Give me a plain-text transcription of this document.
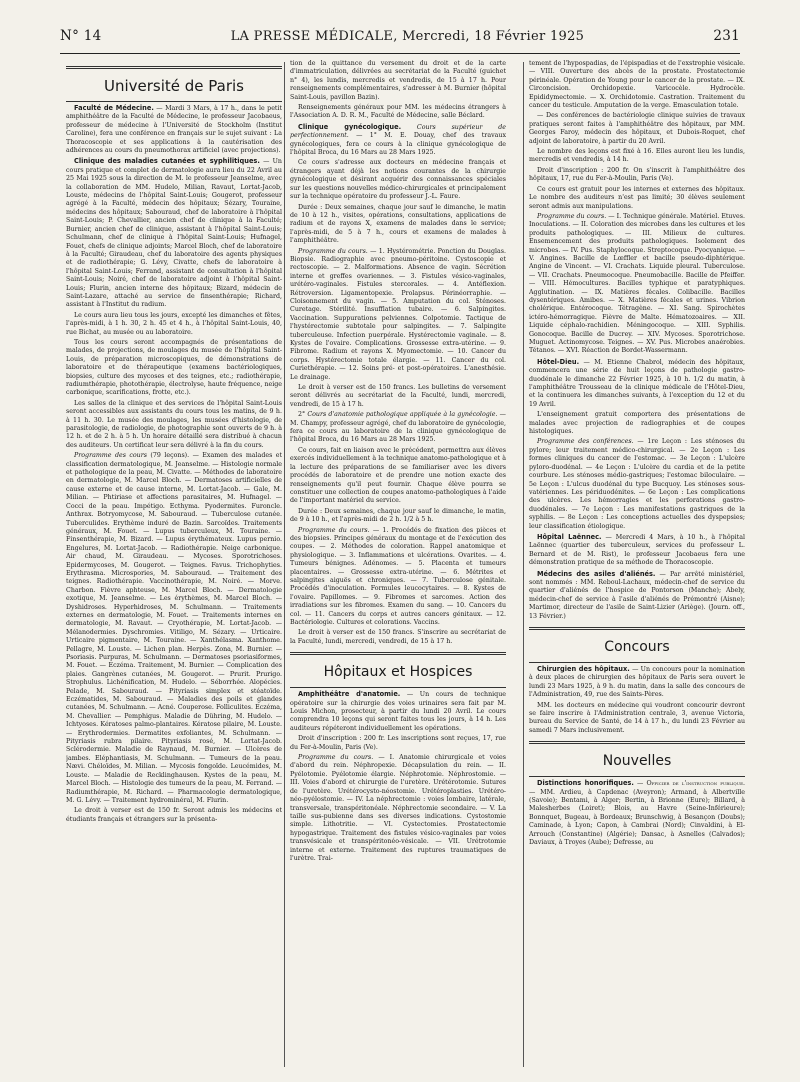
N° 14	LA PRESSE MÉDICALE, Mercredi, 18 Février 1925	231
Université de Paris

Faculté de Médecine. — Mardi 3 Mars, à 17 h., dans le petit amphithéâtre de la Faculté de Médecine, le professeur Jacobaeus, professeur de médecine à l'Université de Stockholm (Institut Caroline), fera une conférence en français sur le sujet suivant : La Thoracoscopie et ses applications à la cautérisation des adhérences au cours du pneumothorax artificiel (avec projections).

Clinique des maladies cutanées et syphilitiques. — Un cours pratique et complet de dermatologie aura lieu du 22 Avril au 25 Mai 1925 sous la direction de M. le professeur Jeanselme, avec la collaboration de MM. Hudelo, Milian, Ravaut, Lortat-Jacob, Louste, médecins de l'hôpital Saint-Louis; Gougerot, professeur agrégé à la Faculté, médecin des hôpitaux; Sézary, Touraine, médecins des hôpitaux; Sabouraud, chef de laboratoire à l'hôpital Saint-Louis; P. Chevallier, ancien chef de clinique à la Faculté; Burnier, ancien chef de clinique, assistant à l'hôpital Saint-Louis; Schulmann, chef de clinique à l'hôpital Saint-Louis; Hufnagel, Fouet, chefs de clinique adjoints; Marcel Bloch, chef de laboratoire à la Faculté; Giraudeau, chef du laboratoire des agents physiques et de radiothérapie; G. Lévy, Civatte, chefs de laboratoire à l'hôpital Saint-Louis; Ferrand, assistant de consultation à l'hôpital Saint-Louis; Noiré, chef de laboratoire adjoint à l'hôpital Saint-Louis; Flurin, ancien interne des hôpitaux; Bizard, médecin de Saint-Lazare, attaché au service de finsenthérapie; Richard, assistant à l'Institut du radium.

Le cours aura lieu tous les jours, excepté les dimanches et fêtes, l'après-midi, à 1 h. 30, 2 h. 45 et 4 h., à l'hôpital Saint-Louis, 40, rue Bichat, au musée ou au laboratoire.

Tous les cours seront accompagnés de présentations de malades, de projections, de moulages du musée de l'hôpital Saint-Louis, de préparation microscopiques, de démonstrations de laboratoire et de thérapeutique (examens bactériologiques, biopsies, culture des mycoses et des teignes, etc.; radiothérapie, radiumthérapie, photothérapie, électrolyse, haute fréquence, neige carbonique, scarifications, frotte, etc.).

Les salles de la clinique et des services de l'hôpital Saint-Louis seront accessibles aux assistants du cours tous les matins, de 9 h. à 11 h. 30. Le musée des moulages, les musées d'histologie, de parasitologie, de radiologie, de photographie sont ouverts de 9 h. à 12 h. et de 2 h. à 5 h. Un horaire détaillé sera distribué à chacun des auditeurs. Un certificat leur sera délivré à la fin du cours.

Programme des cours (79 leçons). — Examen des malades et classification dermatologique, M. Jeanselme. — Histologie normale et pathologique de la peau, M. Civatte. — Méthodes de laboratoire en dermatologie, M. Marcel Bloch. — Dermatoses artificielles de cause externe et de cause interne, M. Lortat-Jacob. — Gale, M. Milian. — Phtiriase et affections parasitaires, M. Hufnagel. — Cocci de la peau. Impétigo. Ecthyma. Pyodermites. Furoncle. Anthrax. Botryomycose, M. Sabouraud. — Tuberculose cutanée. Tuberculides. Erythème induré de Bazin. Sarcoïdes. Traitements généraux, M. Fouet. — Lupus tuberculeux, M. Touraine. — Finsenthérapie, M. Bizard. — Lupus érythémateux. Lupus pernio. Engelures, M. Lortat-Jacob. — Radiothérapie. Neige carbonique. Air chaud, M. Giraudeau. — Mycoses. Sporotrichoses. Epidermycoses, M. Gougerot. — Teignes. Favus. Trichophyties. Erythrasma. Microspories, M. Sabouraud. — Traitement des teignes. Radiothérapie. Vaccinothérapie, M. Noiré. — Morve. Charbon. Fièvre aphteuse, M. Marcel Bloch. — Dermatologie exotique, M. Jeanselme. — Les érythèmes, M. Marcel Bloch. — Dyshidroses. Hyperhidroses, M. Schulmann. — Traitements externes en dermatologie, M. Fouet. — Traitements internes en dermatologie, M. Ravaut. — Cryothérapie, M. Lortat-Jacob. — Mélanodermies. Dyschromies. Vitiligo, M. Sézary. — Urticaire. Urticaire pigmentaire, M. Touraine. — Xanthélasma. Xanthome. Pellagre, M. Louste. — Lichen plan. Herpès. Zona, M. Burnier. — Psoriasis. Purpuras, M. Schulmann. — Dermatoses psoriasiformes, M. Fouet. — Eczéma. Traitement, M. Burnier. — Complication des plaies. Gangrènes cutanées, M. Gougerot. — Prurit. Prurigo. Strophulus. Lichénification, M. Hudelo. — Séborrhée. Alopécies. Pelade, M. Sabouraud. — Pityriasis simplex et stéatoïde. Eczématides, M. Sabouraud. — Maladies des poils et glandes cutanées, M. Schulmann. — Acné. Couperose. Folliculites. Eczéma, M. Chevallier. — Pemphigus. Maladie de Dühring, M. Hudelo. — Ichtyoses. Kératoses palmo-plantaires. Kératose pilaire, M. Louste. — Erythrodermies. Dermatites exfoliantes, M. Schulmann. — Pityriasis rubra pilaire. Pityriasis rosé, M. Lortat-Jacob. Sclérodermie. Maladie de Raynaud, M. Burnier. — Ulcères de jambes. Eléphantiasis, M. Schulmann. — Tumeurs de la peau. Nævi. Chéloïdes, M. Milian. — Mycosis fongoïde. Leucémides, M. Louste. — Maladie de Recklinghausen. Kystes de la peau, M. Marcel Bloch. — Histologie des tumeurs de la peau, M. Ferrand. — Radiumthérapie, M. Richard. — Pharmacologie dermatologique, M. G. Lévy. — Traitement hydrominéral, M. Flurin.

Le droit à verser est de 150 fr. Seront admis les médecins et étudiants français et étrangers sur la présenta-

tion de la quittance du versement du droit et de la carte d'immatriculation, délivrées au secrétariat de la Faculté (guichet n° 4), les lundis, mercredis et vendredis, de 15 à 17 h. Pour renseignements complémentaires, s'adresser à M. Burnier (hôpital Saint-Louis, pavillon Bazin).

Renseignements généraux pour MM. les médecins étrangers à l'Association A. D. R. M., Faculté de Médecine, salle Béclard.

Clinique gynécologique.	Cours supérieur de perfectionnement. — 1° M. E. Douay, chef des travaux gynécologiques, fera ce cours à la clinique gynécologique de l'hôpital Broca, du 16 Mars au 28 Mars 1925.

Ce cours s'adresse aux docteurs en médecine français et étrangers ayant déjà les notions courantes de la chirurgie gynécologique et désirant acquérir des connaissances spéciales sur les questions nouvelles médico-chirurgicales et principalement sur la technique opératoire du professeur J.-L. Faure.

Durée : Deux semaines, chaque jour sauf le dimanche, le matin de 10 à 12 h., visites, opérations, consultations, applications de radium et de rayons X, examens de malades dans le service; l'après-midi, de 5 à 7 h., cours et examens de malades à l'amphithéâtre.

Programme du cours. — 1. Hystérométrie. Ponction du Douglas. Biopsie. Radiographie avec pneumo-péritoine. Cystoscopie et rectoscopie. — 2. Malformations. Absence de vagin. Sécrétion interne et greffes ovariennes. — 3. Fistules vésico-vaginales, urétéro-vaginales. Fistules stercorales. — 4. Antéflexion. Rétroversion. Ligamentopexie. Prolapsus. Périnéorraphie. — Cloisonnement du vagin. — 5. Amputation du col. Sténoses. Curetage. Stérilité. Insufflation tubaire. — 6. Salpingites. Vaccination. Suppurations pelviennes. Colpotomie. Tactique de l'hystérectomie subtotale pour salpingites. — 7. Salpingite tuberculeuse. Infection puerpérale. Hystérectomie vaginale. — 8. Kystes de l'ovaire. Complications. Grossesse extra-utérine. — 9. Fibrome. Radium et rayons X. Myomectomie. — 10. Cancer du corps. Hystérectomie totale élargie. — 11. Cancer du col. Curiethérapie. — 12. Soins pré- et post-opératoires. L'anesthésie. Le drainage.

Le droit à verser est de 150 francs. Les bulletins de versement seront délivrés au secrétariat de la Faculté, lundi, mercredi, vendredi, de 15 à 17 h.

2° Cours d'anatomie pathologique appliquée à la gynécologie. — M. Champy, professeur agrégé, chef du laboratoire de gynécologie, fera ce cours au laboratoire de la clinique gynécologique de l'hôpital Broca, du 16 Mars au 28 Mars 1925.

Ce cours, fait en liaison avec le précédent, permettra aux élèves exercés individuellement à la technique anatomo-pathologique et à la lecture des préparations de se familiariser avec les divers procédés de laboratoire et de prendre une notion exacte des renseignements qu'il peut fournir. Chaque élève pourra se constituer une collection de coupes anatomo-pathologiques à l'aide de l'important matériel du service.

Durée : Deux semaines, chaque jour sauf le dimanche, le matin, de 9 à 10 h., et l'après-midi de 2 h. 1/2 à 5 h.

Programme du cours. — 1. Procédés de fixation des pièces et des biopsies. Principes généraux du montage et de l'exécution des coupes. — 2. Méthodes de coloration. Rappel anatomique et physiologique. — 3. Inflammations et ulcérations. Ovarites. — 4. Tumeurs bénignes. Adénomes. — 5. Placenta et tumeurs placentaires. — Grossesse extra-utérine. — 6. Métrites et salpingites aiguës et chroniques. — 7. Tuberculose génitale. Procédés d'inoculation. Formules leucocytaires. — 8. Kystes de l'ovaire. Papillomes. — 9. Fibromes et sarcomes. Action des irradiations sur les fibromes. Examen du sang. — 10. Cancers du col. — 11. Cancers du corps et autres cancers génitaux. — 12. Bactériologie. Cultures et colorations. Vaccins.

Le droit à verser est de 150 francs. S'inscrire au secrétariat de la Faculté, lundi, mercredi, vendredi, de 15 à 17 h.

Hôpitaux et Hospices

Amphithéâtre d'anatomie. — Un cours de technique opératoire sur la chirurgie des voies urinaires sera fait par M. Louis Michon, prosecteur, à partir du lundi 20 Avril. Le cours comprendra 10 leçons qui seront faites tous les jours, à 14 h. Les auditeurs répéteront individuellement les opérations.

Droit d'inscription : 200 fr. Les inscriptions sont reçues, 17, rue du Fer-à-Moulin, Paris (Ve).

Programme du cours. — I. Anatomie chirurgicale et voies d'abord du rein. Néphropexie. Décapsulation du rein. — II. Pyélotomie. Pyélotomie élargie. Néphrotomie. Néphrostomie. — III. Voies d'abord et chirurgie de l'uretère. Urétérotomie. Sutures de l'uretère. Urétérocysto-néostomie. Urétéroplasties. Urétéro-néo-pyélostomie. — IV. La néphrectomie : voies lombaire, latérale, transversale, transpéritonéale. Néphrectomie secondaire. — V. La taille sus-pubienne dans ses diverses indications. Cystostomie simple. Lithotritie. — VI. Cystectomies. Prostatectomie hypogastrique. Traitement des fistules vésico-vaginales par voies transvésicale et transpéritonéo-vésicale. — VII. Urétrotomie interne et externe. Traitement des ruptures traumatiques de l'urètre. Trai-

tement de l'hypospadias, de l'épispadias et de l'exstrophie vésicale. — VIII. Ouverture des abcès de la prostate. Prostatectomie périnéale. Opération de Young pour le cancer de la prostate. — IX. Circoncision. Orchidopexie. Varicocèle. Hydrocèle. Epididymectomie. — X. Orchidotomie. Castration. Traitement du cancer du testicule. Amputation de la verge. Emasculation totale.

— Des conférences de bactériologie clinique suivies de travaux pratiques seront faites à l'amphithéâtre des hôpitaux, par MM. Georges Faroy, médecin des hôpitaux, et Dubois-Roquet, chef adjoint de laboratoire, à partir du 20 Avril.

Le nombre des leçons est fixé à 16. Elles auront lieu les lundis, mercredis et vendredis, à 14 h.

Droit d'inscription : 200 fr. On s'inscrit à l'amphithéâtre des hôpitaux, 17, rue du Fer-à-Moulin, Paris (Ve).

Ce cours est gratuit pour les internes et externes des hôpitaux. Le nombre des auditeurs n'est pas limité; 30 élèves seulement seront admis aux manipulations.

Programme du cours. — I. Technique générale. Matériel. Etuves. Inoculations. — II. Coloration des microbes dans les cultures et les produits pathologiques. — III. Milieux de cultures. Ensemencement des produits pathologiques. Isolement des microbes. — IV. Pus. Staphylocoque. Streptocoque. Pyocyanique. — V. Angines. Bacille de Lœffler et bacille pseudo-diphtérique. Angine de Vincent. — VI. Crachats. Liquide pleural. Tuberculose. — VII. Crachats. Pneumocoque. Pneumobacille. Bacille de Pfeiffer. — VIII. Hémocultures. Bacilles typhique et paratyphiques. Agglutination. — IX. Matières fécales. Colibacille. Bacilles dysentériques. Amibes. — X. Matières fécales et urines. Vibrion cholérique. Entérocoque. Tétragène. — XI. Sang. Spirochètes ictéro-hémorragique. Fièvre de Malte. Hématozoaires. — XII. Liquide céphalo-rachidien. Méningocoque. — XIII. Syphilis. Gonocoque. Bacille de Ducrey. — XIV. Mycoses. Sporotrichose. Muguet. Actinomycose. Teignes. — XV. Pus. Microbes anaérobies. Tétanos. — XVI. Réaction de Bordet-Wassermann.

Hôtel-Dieu. — M. Etienne Chabrol, médecin des hôpitaux, commencera une série de huit leçons de pathologie gastro-duodénale le dimanche 22 Février 1925, à 10 h. 1/2 du matin, à l'amphithéâtre Trousseau de la clinique médicale de l'Hôtel-Dieu, et la continuera les dimanches suivants, à l'exception du 12 et du 19 Avril.

L'enseignement gratuit comportera des présentations de malades avec projection de radiographies et de coupes histologiques.

Programme des conférences. — 1re Leçon : Les sténoses du pylore; leur traitement médico-chirurgical. — 2e Leçon : Les formes cliniques du cancer de l'estomac. — 3e Leçon : L'ulcère pyloro-duodénal. — 4e Leçon : L'ulcère du cardia et de la petite courbure. Les sténoses médio-gastriques; l'estomac biloculaire. — 5e Leçon : L'ulcus duodénal du type Bucquoy. Les sténoses sous-vatériennes. Les périduodénites. — 6e Leçon : Les complications des ulcères. Les hémorragies et les perforations gastro-duodénales. — 7e Leçon : Les manifestations gastriques de la syphilis. — 8e Leçon : Les conceptions actuelles des dyspepsies; leur classification étiologique.

Hôpital Laënnec. — Mercredi 4 Mars, à 10 h., à l'hôpital Laënnec (quartier des tuberculeux, services du professeur L. Bernard et de M. Rist), le professeur Jacobaeus fera une démonstration pratique de sa méthode de Thoracoscopie.

Médecins des asiles d'aliénés. — Par arrêté ministériel, sont nommés : MM. Reboul-Lachaux, médecin-chef de service du quartier d'aliénés de l'hospice de Pontorson (Manche); Abely, médecin-chef de service à l'asile d'aliénés de Prémontré (Aisne); Martimor, directeur de l'asile de Saint-Lizier (Ariège). (Journ. off., 13 Février.)

Concours

Chirurgien des hôpitaux. — Un concours pour la nomination à deux places de chirurgien des hôpitaux de Paris sera ouvert le lundi 23 Mars 1925, à 9 h. du matin, dans la salle des concours de l'Administration, 49, rue des Saints-Pères.

MM. les docteurs en médecine qui voudront concourir devront se faire inscrire à l'Administration centrale, 3, avenue Victoria, bureau du Service de Santé, de 14 à 17 h., du lundi 23 Février au samedi 7 Mars inclusivement.

Nouvelles

Distinctions honorifiques. — Officier de l'instruction publique. — MM. Ardieu, à Capdenac (Aveyron); Armand, à Albertville (Savoie); Bentami, à Alger; Bertin, à Brionne (Eure); Billard, à Malesherbes (Loiret); Blois, au Havre (Seine-Inférieure); Bonnquet, Bugeau, à Bordeaux; Brunschwig, à Besançon (Doubs); Caminade, à Lyon; Capon, à Cambrai (Nord); Cinvaldini, à El-Arrouch (Constantine) (Algérie); Dansac, à Asnelles (Calvados); Daviaux, à Troyes (Aube); Defresse, au
